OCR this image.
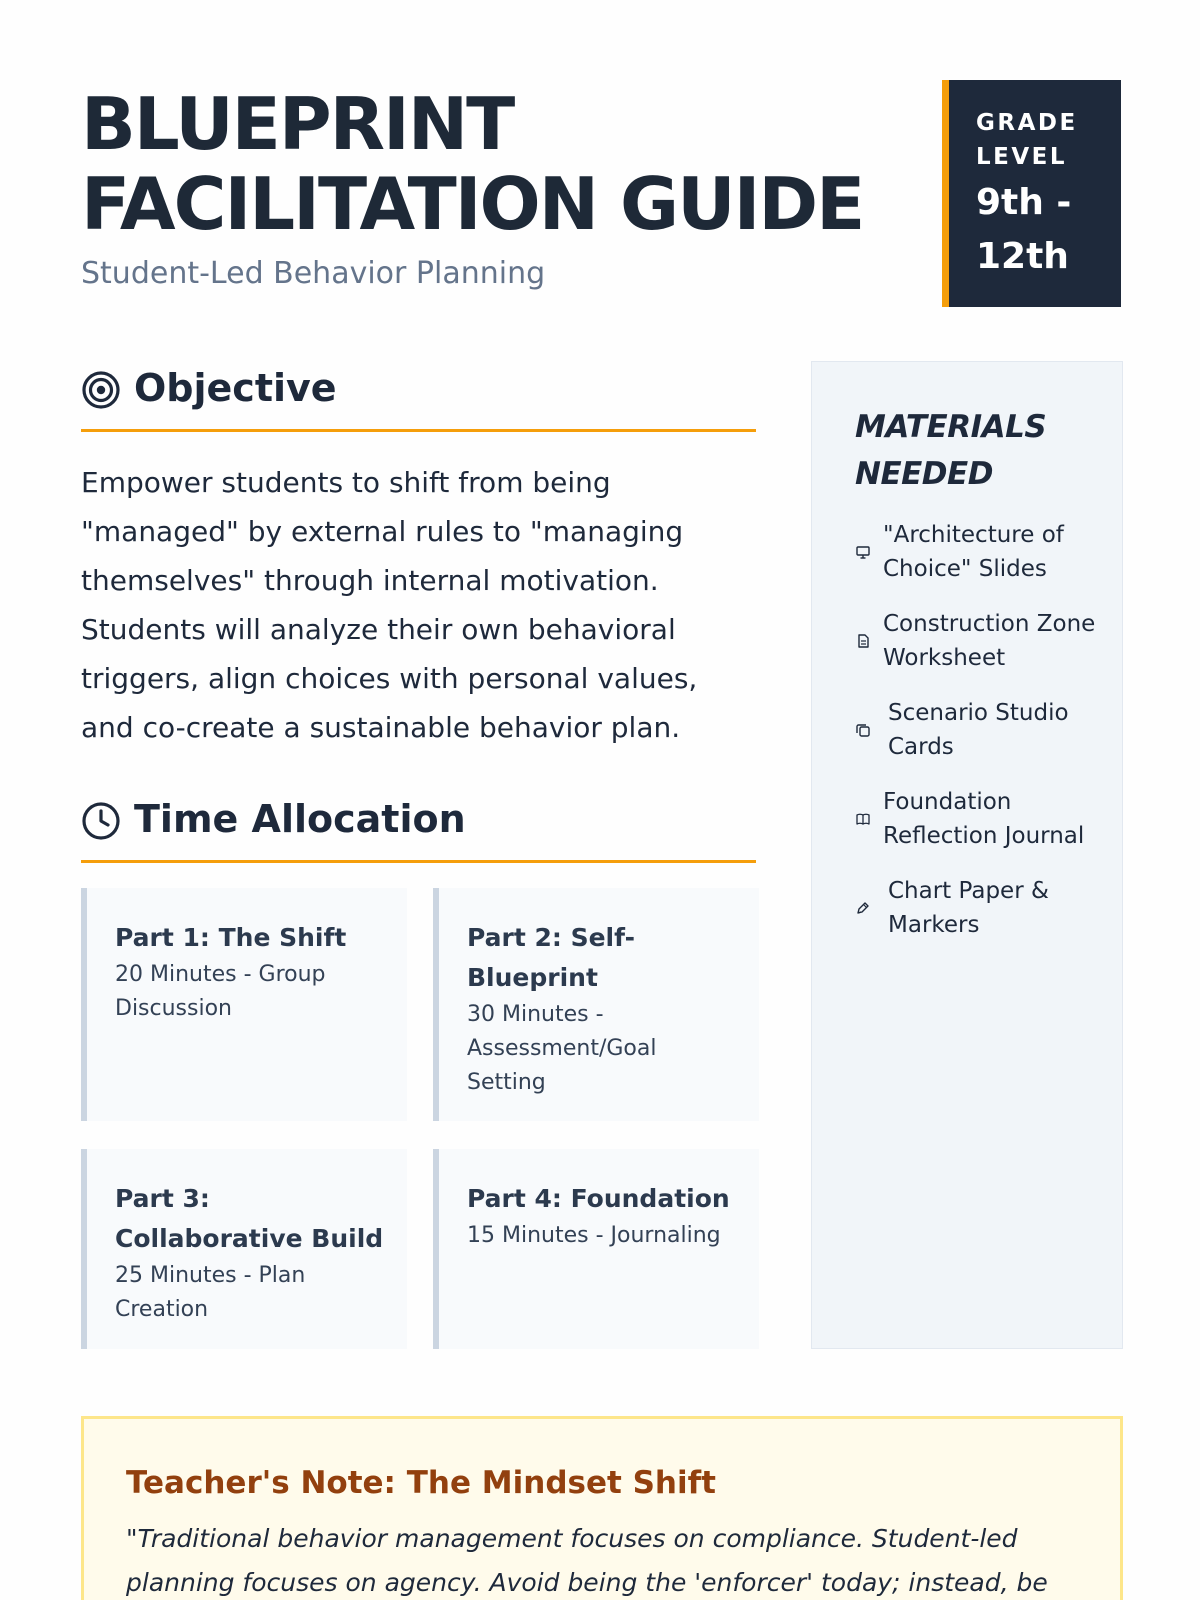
BLUEPRINT
FACILITATION GUIDE
Student-Led Behavior Planning
GRADE LEVEL
9th - 12th
Objective
Empower students to shift from being "managed" by external rules to "managing themselves" through internal motivation. Students will analyze their own behavioral triggers, align choices with personal values, and co-create a sustainable behavior plan.
Time Allocation
Part 1: The Shift
20 Minutes - Group Discussion
Part 2: Self-Blueprint
30 Minutes - Assessment/Goal Setting
Part 3: Collaborative Build
25 Minutes - Plan Creation
Part 4: Foundation
15 Minutes - Journaling
MATERIALS NEEDED
"Architecture of Choice" Slides
Construction Zone Worksheet
Scenario Studio Cards
Foundation Reflection Journal
Chart Paper & Markers
Teacher's Note: The Mindset Shift
"Traditional behavior management focuses on compliance. Student-led planning focuses on agency. Avoid being the 'enforcer' today; instead, be
